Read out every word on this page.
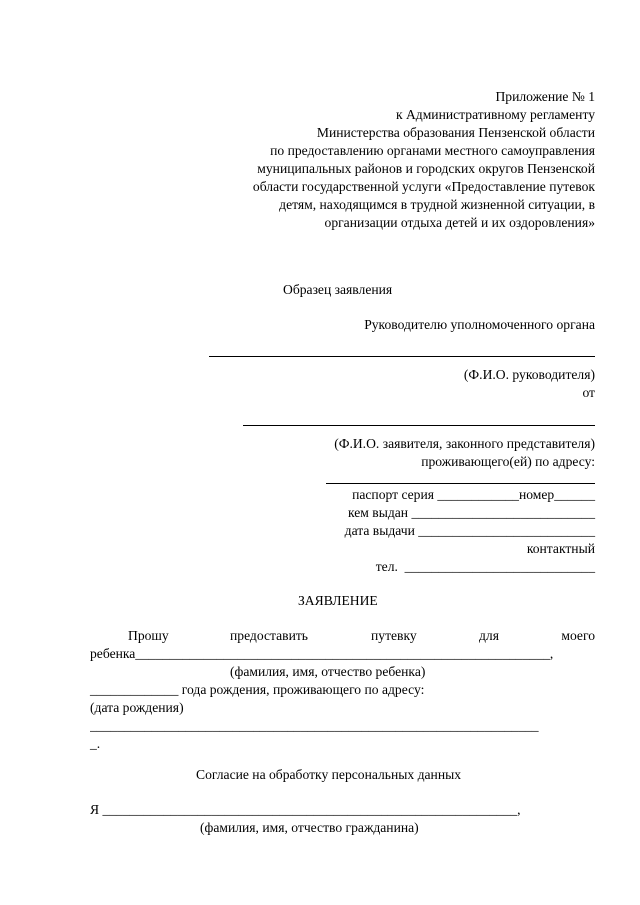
Приложение № 1
к Административному регламенту
Министерства образования Пензенской области
по предоставлению органами местного самоуправления
муниципальных районов и городских округов Пензенской
области государственной услуги «Предоставление путевок
детям, находящимся в трудной жизненной ситуации, в
организации отдыха детей и их оздоровления»
Образец заявления
Руководителю уполномоченного органа
(Ф.И.О. руководителя)
от
(Ф.И.О. заявителя, законного представителя)
проживающего(ей) по адресу:
паспорт серия ____________номер______
кем выдан ___________________________
дата выдачи __________________________
контактный
тел.  ____________________________
ЗАЯВЛЕНИЕ
Прошу	предоставить	путевку	для	моего
ребенка_____________________________________________________________,
(фамилия, имя, отчество ребенка)
_____________ года рождения, проживающего по адресу:
(дата рождения)
__________________________________________________________________
_.
Согласие на обработку персональных данных
Я _____________________________________________________________,
(фамилия, имя, отчество гражданина)
